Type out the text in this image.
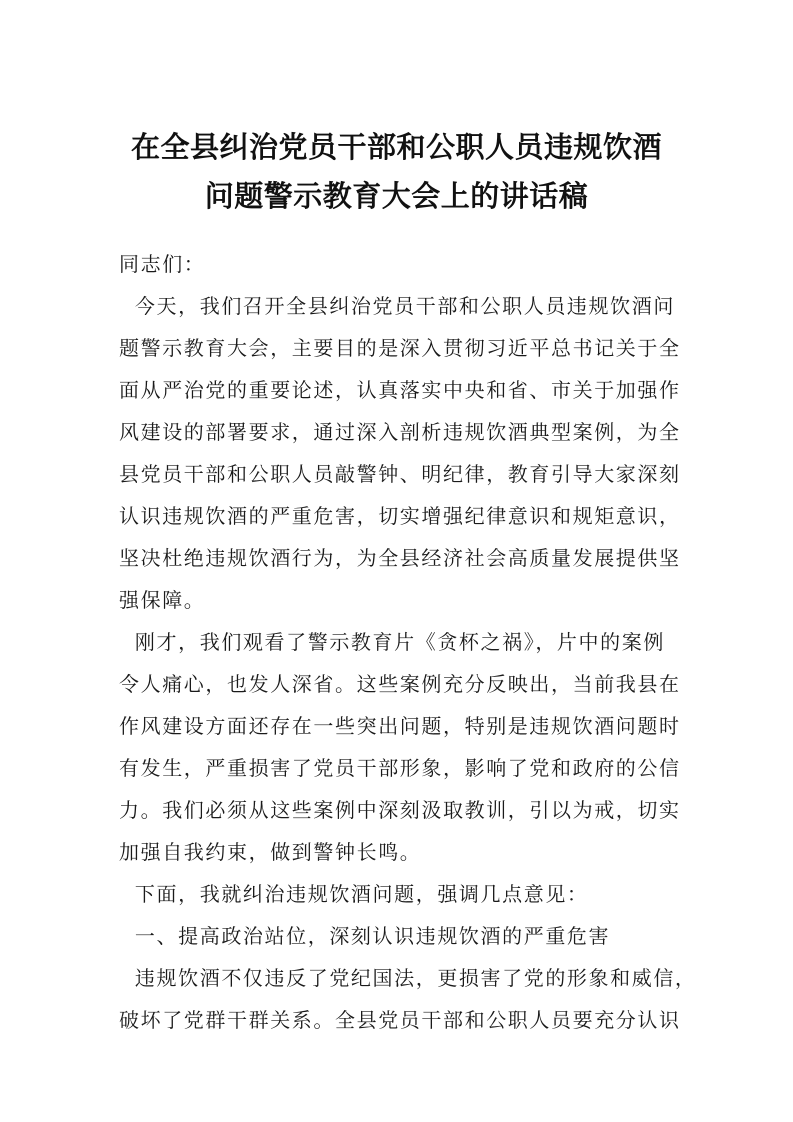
在全县纠治党员干部和公职人员违规饮酒
问题警示教育大会上的讲话稿
同志们：
今天，我们召开全县纠治党员干部和公职人员违规饮酒问
题警示教育大会，主要目的是深入贯彻习近平总书记关于全
面从严治党的重要论述，认真落实中央和省、市关于加强作
风建设的部署要求，通过深入剖析违规饮酒典型案例，为全
县党员干部和公职人员敲警钟、明纪律，教育引导大家深刻
认识违规饮酒的严重危害，切实增强纪律意识和规矩意识，
坚决杜绝违规饮酒行为，为全县经济社会高质量发展提供坚
强保障。
刚才，我们观看了警示教育片《贪杯之祸》，片中的案例
令人痛心，也发人深省。这些案例充分反映出，当前我县在
作风建设方面还存在一些突出问题，特别是违规饮酒问题时
有发生，严重损害了党员干部形象，影响了党和政府的公信
力。我们必须从这些案例中深刻汲取教训，引以为戒，切实
加强自我约束，做到警钟长鸣。
下面，我就纠治违规饮酒问题，强调几点意见：
一、提高政治站位，深刻认识违规饮酒的严重危害
违规饮酒不仅违反了党纪国法，更损害了党的形象和威信，
破坏了党群干群关系。全县党员干部和公职人员要充分认识
